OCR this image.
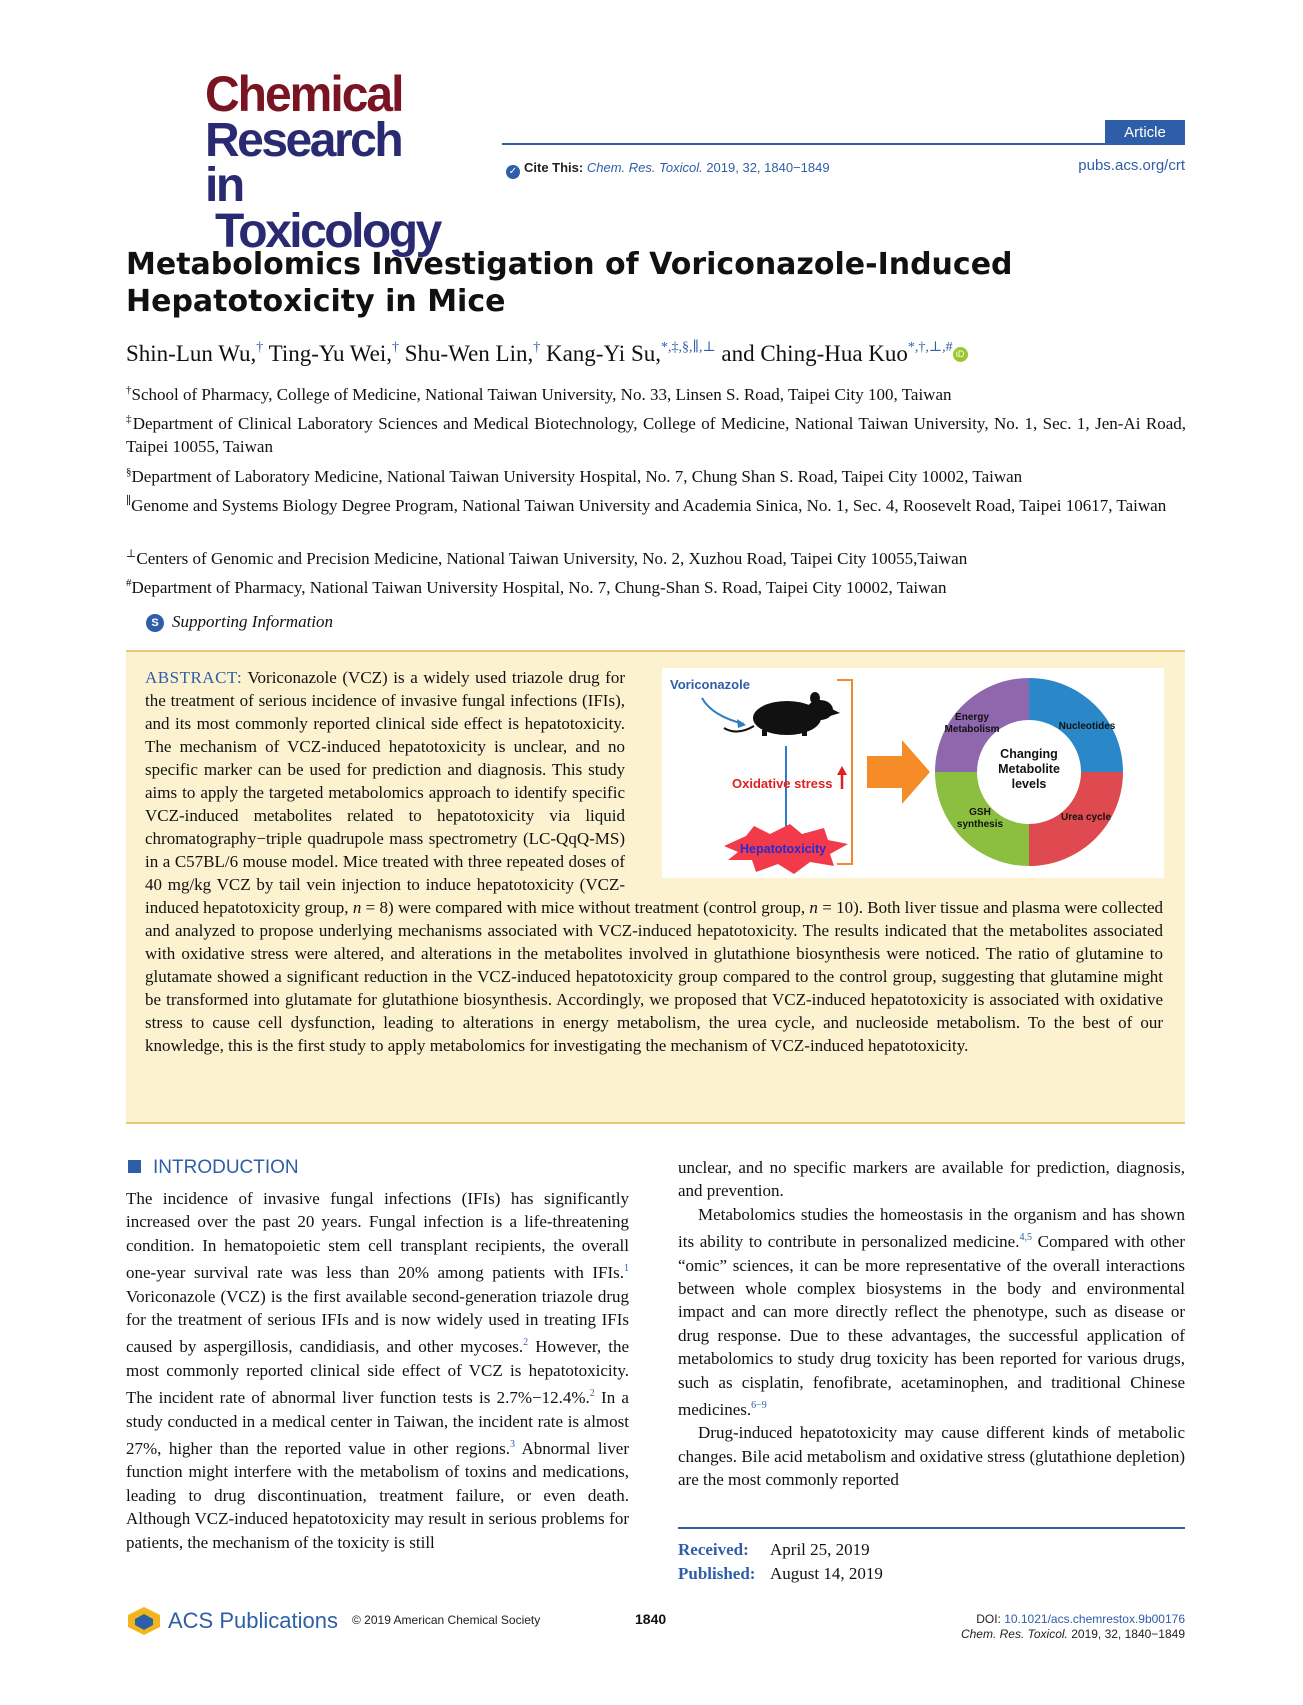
Chemical
Research in
Toxicology
Article
✓ Cite This: Chem. Res. Toxicol. 2019, 32, 1840−1849	pubs.acs.org/crt
Metabolomics Investigation of Voriconazole-Induced Hepatotoxicity in Mice
Shin-Lun Wu,† Ting-Yu Wei,† Shu-Wen Lin,† Kang-Yi Su,*,‡,§,∥,⊥ and Ching-Hua Kuo*,†,⊥,# iD
†School of Pharmacy, College of Medicine, National Taiwan University, No. 33, Linsen S. Road, Taipei City 100, Taiwan
‡Department of Clinical Laboratory Sciences and Medical Biotechnology, College of Medicine, National Taiwan University, No. 1, Sec. 1, Jen-Ai Road, Taipei 10055, Taiwan
§Department of Laboratory Medicine, National Taiwan University Hospital, No. 7, Chung Shan S. Road, Taipei City 10002, Taiwan
∥Genome and Systems Biology Degree Program, National Taiwan University and Academia Sinica, No. 1, Sec. 4, Roosevelt Road, Taipei 10617, Taiwan
⊥Centers of Genomic and Precision Medicine, National Taiwan University, No. 2, Xuzhou Road, Taipei City 10055,Taiwan
#Department of Pharmacy, National Taiwan University Hospital, No. 7, Chung-Shan S. Road, Taipei City 10002, Taiwan
S Supporting Information
ABSTRACT: Voriconazole (VCZ) is a widely used triazole drug for the treatment of serious incidence of invasive fungal infections (IFIs), and its most commonly reported clinical side effect is hepatotoxicity. The mechanism of VCZ-induced hepatotoxicity is unclear, and no specific marker can be used for prediction and diagnosis. This study aims to apply the targeted metabolomics approach to identify specific VCZ-induced metabolites related to hepatotoxicity via liquid chromatography−triple quadrupole mass spectrometry (LC-QqQ-MS) in a C57BL/6 mouse model. Mice treated with three repeated doses of 40 mg/kg VCZ by tail vein injection to induce hepatotoxicity (VCZ-induced hepatotoxicity group, n = 8) were compared with mice without treatment (control group, n = 10). Both liver tissue and plasma were collected and analyzed to propose underlying mechanisms associated with VCZ-induced hepatotoxicity. The results indicated that the metabolites associated with oxidative stress were altered, and alterations in the metabolites involved in glutathione biosynthesis were noticed. The ratio of glutamine to glutamate showed a significant reduction in the VCZ-induced hepatotoxicity group compared to the control group, suggesting that glutamine might be transformed into glutamate for glutathione biosynthesis. Accordingly, we proposed that VCZ-induced hepatotoxicity is associated with oxidative stress to cause cell dysfunction, leading to alterations in energy metabolism, the urea cycle, and nucleoside metabolism. To the best of our knowledge, this is the first study to apply metabolomics for investigating the mechanism of VCZ-induced hepatotoxicity.
Voriconazole
Oxidative stress
Hepatotoxicity
Changing
Metabolite
levels
Energy
Metabolism	Nucleotides
Urea cycle
GSH
synthesis
INTRODUCTION

The incidence of invasive fungal infections (IFIs) has significantly increased over the past 20 years. Fungal infection is a life-threatening condition. In hematopoietic stem cell transplant recipients, the overall one-year survival rate was less than 20% among patients with IFIs.$^1$ Voriconazole (VCZ) is the first available second-generation triazole drug for the treatment of serious IFIs and is now widely used in treating IFIs caused by aspergillosis, candidiasis, and other mycoses.$^2$ However, the most commonly reported clinical side effect of VCZ is hepatotoxicity. The incident rate of abnormal liver function tests is 2.7%−12.4%.$^2$ In a study conducted in a medical center in Taiwan, the incident rate is almost 27%, higher than the reported value in other regions.$^3$ Abnormal liver function might interfere with the metabolism of toxins and medications, leading to drug discontinuation, treatment failure, or even death. Although VCZ-induced hepatotoxicity may result in serious problems for patients, the mechanism of the toxicity is still

unclear, and no specific markers are available for prediction, diagnosis, and prevention.

Metabolomics studies the homeostasis in the organism and has shown its ability to contribute in personalized medicine.$^{4,5}$ Compared with other “omic” sciences, it can be more representative of the overall interactions between whole complex biosystems in the body and environmental impact and can more directly reflect the phenotype, such as disease or drug response. Due to these advantages, the successful application of metabolomics to study drug toxicity has been reported for various drugs, such as cisplatin, fenofibrate, acetaminophen, and traditional Chinese medicines.$^{6-9}$

Drug-induced hepatotoxicity may cause different kinds of metabolic changes. Bile acid metabolism and oxidative stress (glutathione depletion) are the most commonly reported

Received: April 25, 2019
Published: August 14, 2019
ACS Publications © 2019 American Chemical Society	1840	DOI: 10.1021/acs.chemrestox.9b00176
Chem. Res. Toxicol. 2019, 32, 1840−1849
